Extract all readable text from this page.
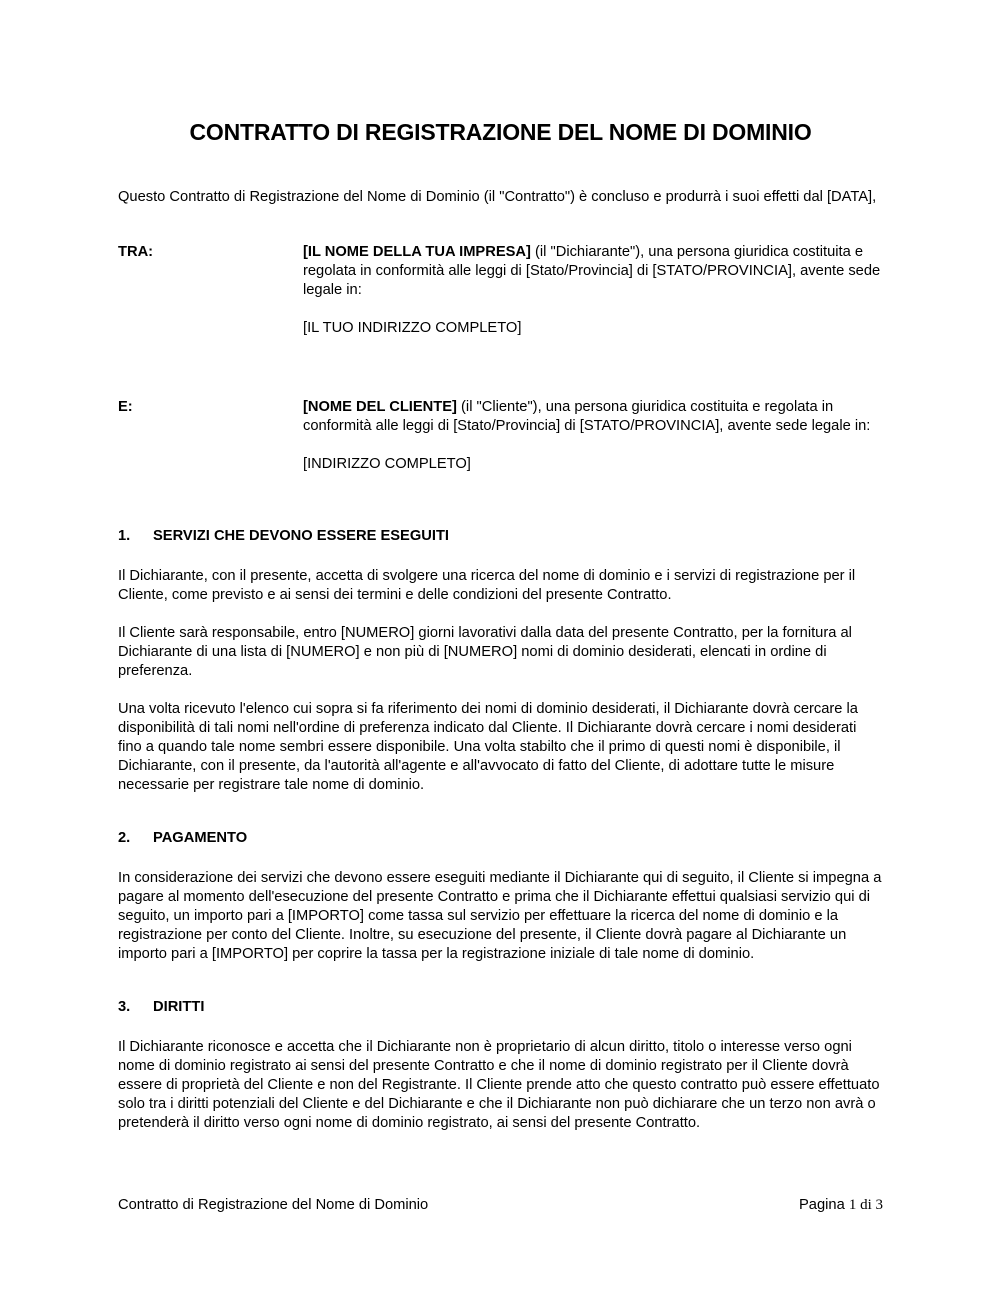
CONTRATTO DI REGISTRAZIONE DEL NOME DI DOMINIO

Questo Contratto di Registrazione del Nome di Dominio (il "Contratto") è concluso e produrrà i suoi effetti dal [DATA],

TRA:	[IL NOME DELLA TUA IMPRESA] (il "Dichiarante"), una persona giuridica costituita e regolata in conformità alle leggi di [Stato/Provincia] di [STATO/PROVINCIA], avente sede legale in:

[IL TUO INDIRIZZO COMPLETO]

E:	[NOME DEL CLIENTE] (il "Cliente"), una persona giuridica costituita e regolata in conformità alle leggi di [Stato/Provincia] di [STATO/PROVINCIA], avente sede legale in:

[INDIRIZZO COMPLETO]

1.	SERVIZI CHE DEVONO ESSERE ESEGUITI

Il Dichiarante, con il presente, accetta di svolgere una ricerca del nome di dominio e i servizi di registrazione per il Cliente, come previsto e ai sensi dei termini e delle condizioni del presente Contratto.

Il Cliente sarà responsabile, entro [NUMERO] giorni lavorativi dalla data del presente Contratto, per la fornitura al Dichiarante di una lista di [NUMERO] e non più di [NUMERO] nomi di dominio desiderati, elencati in ordine di preferenza.

Una volta ricevuto l'elenco cui sopra si fa riferimento dei nomi di dominio desiderati, il Dichiarante dovrà cercare la disponibilità di tali nomi nell'ordine di preferenza indicato dal Cliente. Il Dichiarante dovrà cercare i nomi desiderati fino a quando tale nome sembri essere disponibile. Una volta stabilto che il primo di questi nomi è disponibile, il Dichiarante, con il presente, da l'autorità all'agente e all'avvocato di fatto del Cliente, di adottare tutte le misure necessarie per registrare tale nome di dominio.

2.	PAGAMENTO

In considerazione dei servizi che devono essere eseguiti mediante il Dichiarante qui di seguito, il Cliente si impegna a pagare al momento dell'esecuzione del presente Contratto e prima che il Dichiarante effettui qualsiasi servizio qui di seguito, un importo pari a [IMPORTO] come tassa sul servizio per effettuare la ricerca del nome di dominio e la registrazione per conto del Cliente. Inoltre, su esecuzione del presente, il Cliente dovrà pagare al Dichiarante un importo pari a [IMPORTO] per coprire la tassa per la registrazione iniziale di tale nome di dominio.

3.	DIRITTI

Il Dichiarante riconosce e accetta che il Dichiarante non è proprietario di alcun diritto, titolo o interesse verso ogni nome di dominio registrato ai sensi del presente Contratto e che il nome di dominio registrato per il Cliente dovrà essere di proprietà del Cliente e non del Registrante. Il Cliente prende atto che questo contratto può essere effettuato solo tra i diritti potenziali del Cliente e del Dichiarante e che il Dichiarante non può dichiarare che un terzo non avrà o pretenderà il diritto verso ogni nome di dominio registrato, ai sensi del presente Contratto.

Contratto di Registrazione del Nome di Dominio	Pagina 1 di 3
